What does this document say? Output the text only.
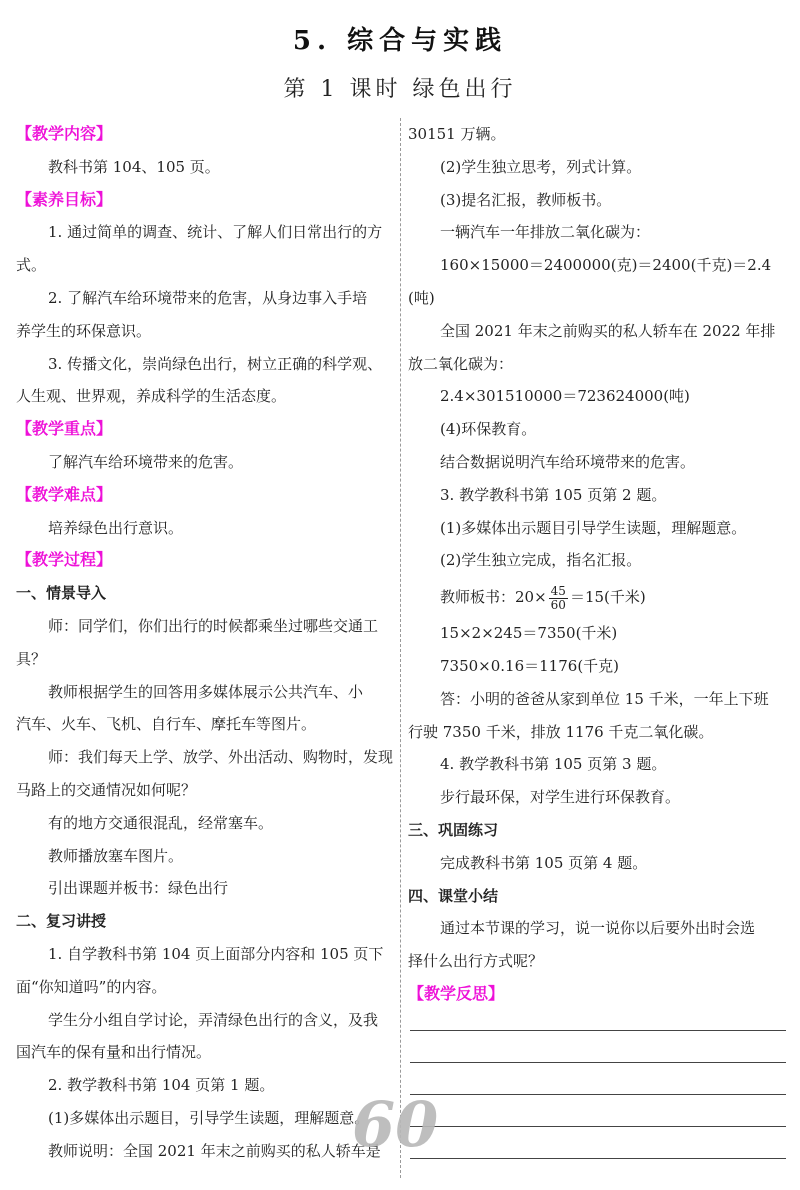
5. 综合与实践
第 1 课时 绿色出行
【教学内容】
教科书第 104、105 页。
【素养目标】
1. 通过简单的调查、统计、了解人们日常出行的方
式。
2. 了解汽车给环境带来的危害，从身边事入手培
养学生的环保意识。
3. 传播文化，崇尚绿色出行，树立正确的科学观、
人生观、世界观，养成科学的生活态度。
【教学重点】
了解汽车给环境带来的危害。
【教学难点】
培养绿色出行意识。
【教学过程】
一、情景导入
师：同学们，你们出行的时候都乘坐过哪些交通工
具？
教师根据学生的回答用多媒体展示公共汽车、小
汽车、火车、飞机、自行车、摩托车等图片。
师：我们每天上学、放学、外出活动、购物时，发现
马路上的交通情况如何呢？
有的地方交通很混乱，经常塞车。
教师播放塞车图片。
引出课题并板书：绿色出行
二、复习讲授
1. 自学教科书第 104 页上面部分内容和 105 页下
面“你知道吗”的内容。
学生分小组自学讨论，弄清绿色出行的含义，及我
国汽车的保有量和出行情况。
2. 教学教科书第 104 页第 1 题。
(1)多媒体出示题目，引导学生读题，理解题意。
教师说明：全国 2021 年末之前购买的私人轿车是
30151 万辆。
(2)学生独立思考，列式计算。
(3)提名汇报，教师板书。
一辆汽车一年排放二氧化碳为：
160×15000＝2400000(克)＝2400(千克)＝2.4
(吨)
全国 2021 年末之前购买的私人轿车在 2022 年排
放二氧化碳为：
2.4×301510000＝723624000(吨)
(4)环保教育。
结合数据说明汽车给环境带来的危害。
3. 教学教科书第 105 页第 2 题。
(1)多媒体出示题目引导学生读题，理解题意。
(2)学生独立完成，指名汇报。
教师板书：$20\times \frac{45}{60} =15$(千米)
15×2×245＝7350(千米)
7350×0.16＝1176(千克)
答：小明的爸爸从家到单位 15 千米，一年上下班
行驶 7350 千米，排放 1176 千克二氧化碳。
4. 教学教科书第 105 页第 3 题。
步行最环保，对学生进行环保教育。
三、巩固练习
完成教科书第 105 页第 4 题。
四、课堂小结
通过本节课的学习，说一说你以后要外出时会选
择什么出行方式呢？
【教学反思】
60
